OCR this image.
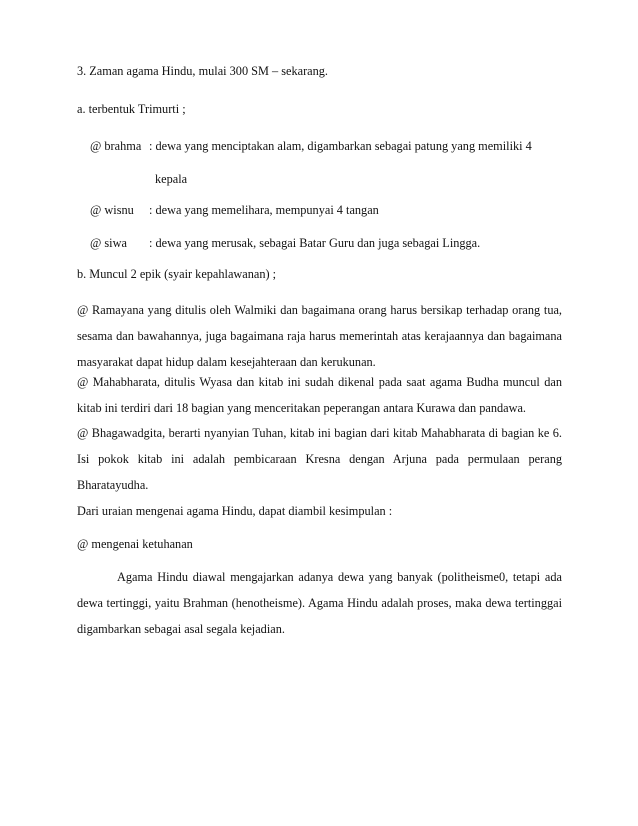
3. Zaman agama Hindu, mulai 300 SM – sekarang.
a. terbentuk Trimurti ;
@ brahma : dewa yang menciptakan alam, digambarkan sebagai patung yang memiliki 4
kepala
@ wisnu : dewa yang memelihara, mempunyai 4 tangan
@ siwa : dewa yang merusak, sebagai Batar Guru dan juga sebagai Lingga.
b. Muncul 2 epik (syair kepahlawanan) ;
@ Ramayana yang ditulis oleh Walmiki dan bagaimana orang harus bersikap terhadap orang tua, sesama dan bawahannya, juga bagaimana raja harus memerintah atas kerajaannya dan bagaimana masyarakat dapat hidup dalam kesejahteraan dan kerukunan.
@ Mahabharata, ditulis Wyasa dan kitab ini sudah dikenal pada saat agama Budha muncul dan kitab ini terdiri dari 18 bagian yang menceritakan peperangan antara Kurawa dan pandawa.
@ Bhagawadgita, berarti nyanyian Tuhan, kitab ini bagian dari kitab Mahabharata di bagian ke 6. Isi pokok kitab ini adalah pembicaraan Kresna dengan Arjuna pada permulaan perang Bharatayudha.
Dari uraian mengenai agama Hindu, dapat diambil kesimpulan :
@ mengenai ketuhanan
Agama Hindu diawal mengajarkan adanya dewa yang banyak (politheisme0, tetapi ada dewa tertinggi, yaitu Brahman (henotheisme). Agama Hindu adalah proses, maka dewa tertinggai digambarkan sebagai asal segala kejadian.
